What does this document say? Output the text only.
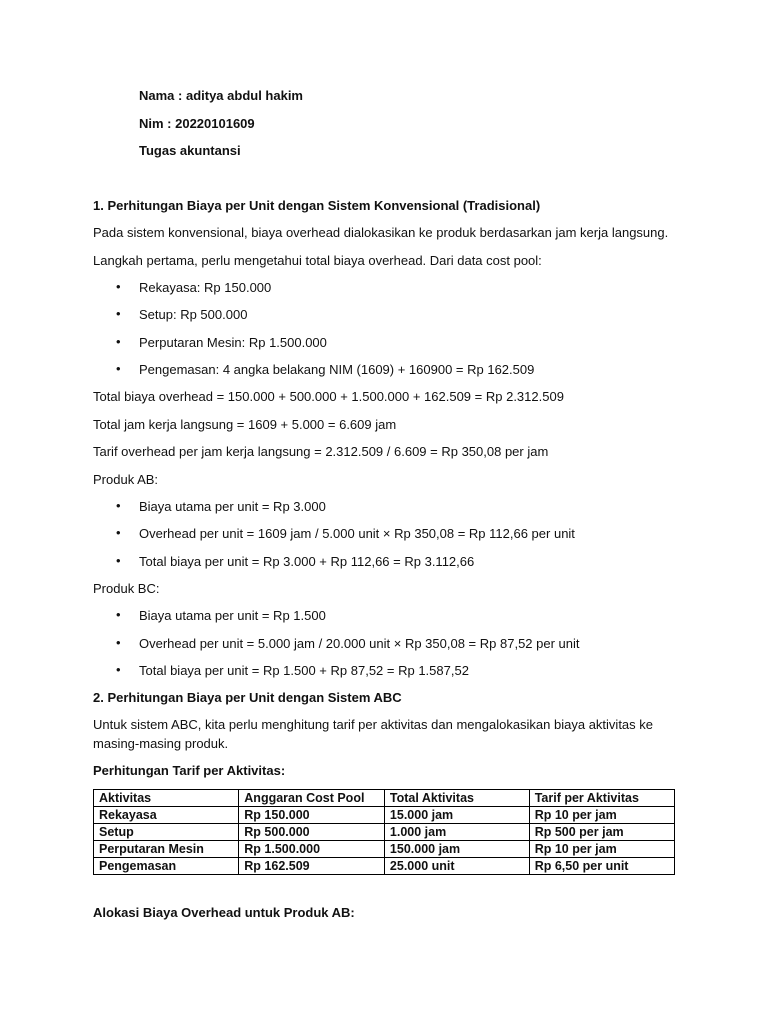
Nama : aditya abdul hakim
Nim : 20220101609
Tugas akuntansi
1. Perhitungan Biaya per Unit dengan Sistem Konvensional (Tradisional)
Pada sistem konvensional, biaya overhead dialokasikan ke produk berdasarkan jam kerja langsung.
Langkah pertama, perlu mengetahui total biaya overhead. Dari data cost pool:
• Rekayasa: Rp 150.000
• Setup: Rp 500.000
• Perputaran Mesin: Rp 1.500.000
• Pengemasan: 4 angka belakang NIM (1609) + 160900 = Rp 162.509
Total biaya overhead = 150.000 + 500.000 + 1.500.000 + 162.509 = Rp 2.312.509
Total jam kerja langsung = 1609 + 5.000 = 6.609 jam
Tarif overhead per jam kerja langsung = 2.312.509 / 6.609 = Rp 350,08 per jam
Produk AB:
• Biaya utama per unit = Rp 3.000
• Overhead per unit = 1609 jam / 5.000 unit × Rp 350,08 = Rp 112,66 per unit
• Total biaya per unit = Rp 3.000 + Rp 112,66 = Rp 3.112,66
Produk BC:
• Biaya utama per unit = Rp 1.500
• Overhead per unit = 5.000 jam / 20.000 unit × Rp 350,08 = Rp 87,52 per unit
• Total biaya per unit = Rp 1.500 + Rp 87,52 = Rp 1.587,52
2. Perhitungan Biaya per Unit dengan Sistem ABC
Untuk sistem ABC, kita perlu menghitung tarif per aktivitas dan mengalokasikan biaya aktivitas ke masing-masing produk.
Perhitungan Tarif per Aktivitas:
Aktivitas	Anggaran Cost Pool	Total Aktivitas	Tarif per Aktivitas
Rekayasa	Rp 150.000	15.000 jam	Rp 10 per jam
Setup	Rp 500.000	1.000 jam	Rp 500 per jam
Perputaran Mesin	Rp 1.500.000	150.000 jam	Rp 10 per jam
Pengemasan	Rp 162.509	25.000 unit	Rp 6,50 per unit
Alokasi Biaya Overhead untuk Produk AB:
